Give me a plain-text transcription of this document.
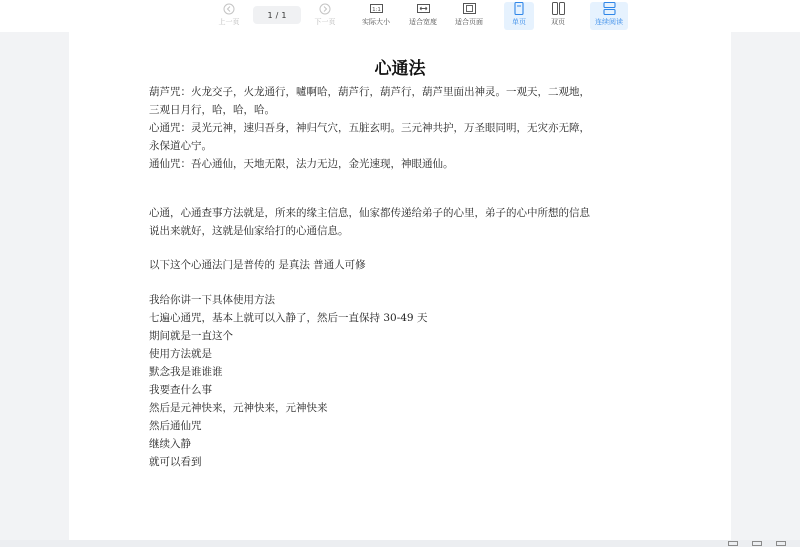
上一页
1 / 1
下一页
1:1
实际大小	适合宽度	适合页面	单页	双页	连续阅读
心通法
葫芦咒：火龙交子，火龙通行，嚧啊哈，葫芦行，葫芦行，葫芦里面出神灵。一观天，二观地，
三观日月行，哈，哈，哈。
心通咒：灵光元神，速归吾身，神归气穴，五脏玄明。三元神共护，万圣眼同明，无灾亦无障，
永保道心宁。
通仙咒：吾心通仙，天地无限，法力无边，金光速现，神眼通仙。
心通，心通查事方法就是，所来的缘主信息，仙家都传递给弟子的心里，弟子的心中所想的信息
说出来就好，这就是仙家给打的心通信息。
以下这个心通法门是普传的 是真法 普通人可修
我给你讲一下具体使用方法
七遍心通咒，基本上就可以入静了，然后一直保持 30-49 天
期间就是一直这个
使用方法就是
默念我是谁谁谁
我要查什么事
然后是元神快来，元神快来，元神快来
然后通仙咒
继续入静
就可以看到
